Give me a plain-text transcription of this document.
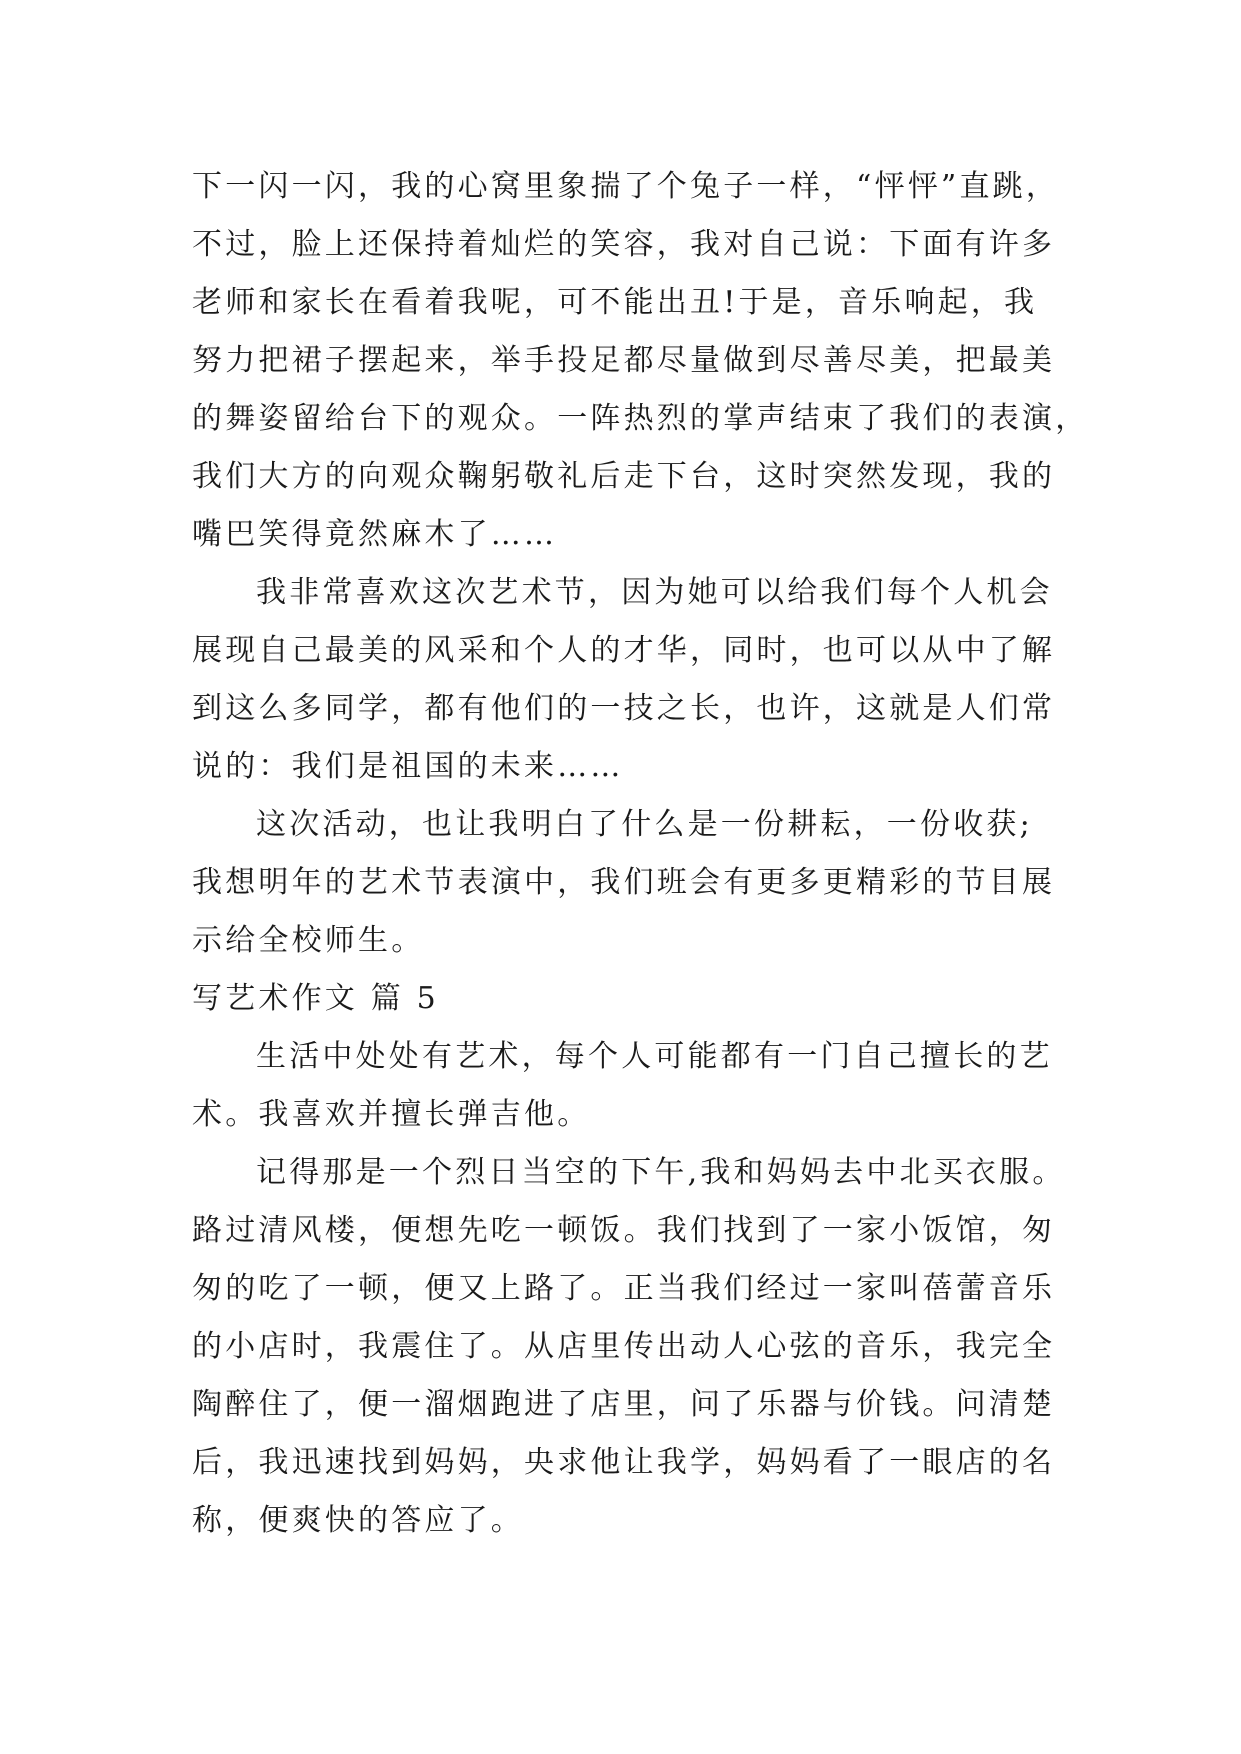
下一闪一闪，我的心窝里象揣了个兔子一样，“怦怦”直跳，
不过，脸上还保持着灿烂的笑容，我对自己说：下面有许多
老师和家长在看着我呢，可不能出丑!于是，音乐响起，我
努力把裙子摆起来，举手投足都尽量做到尽善尽美，把最美
的舞姿留给台下的观众。一阵热烈的掌声结束了我们的表演，
我们大方的向观众鞠躬敬礼后走下台，这时突然发现，我的
嘴巴笑得竟然麻木了……
我非常喜欢这次艺术节，因为她可以给我们每个人机会
展现自己最美的风采和个人的才华，同时，也可以从中了解
到这么多同学，都有他们的一技之长，也许，这就是人们常
说的：我们是祖国的未来……
这次活动，也让我明白了什么是一份耕耘，一份收获;
我想明年的艺术节表演中，我们班会有更多更精彩的节目展
示给全校师生。
写艺术作文 篇 5
生活中处处有艺术，每个人可能都有一门自己擅长的艺
术。我喜欢并擅长弹吉他。
记得那是一个烈日当空的下午,我和妈妈去中北买衣服。
路过清风楼，便想先吃一顿饭。我们找到了一家小饭馆，匆
匆的吃了一顿，便又上路了。正当我们经过一家叫蓓蕾音乐
的小店时，我震住了。从店里传出动人心弦的音乐，我完全
陶醉住了，便一溜烟跑进了店里，问了乐器与价钱。问清楚
后，我迅速找到妈妈，央求他让我学，妈妈看了一眼店的名
称，便爽快的答应了。
